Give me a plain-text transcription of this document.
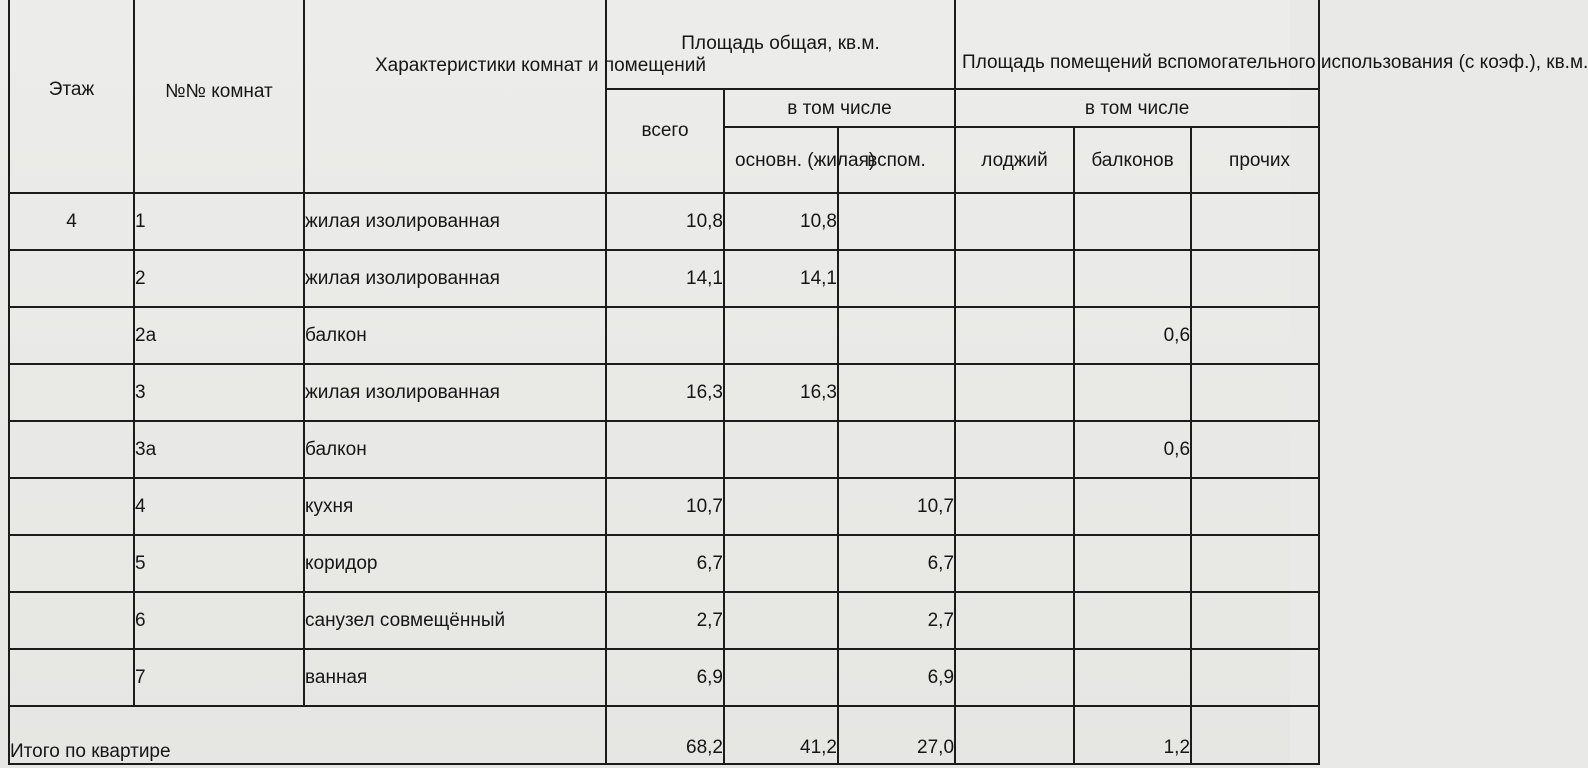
Этаж	№№ комнат	Характеристики комнат и помещений	Площадь общая, кв.м.			Площадь помещений вспомогательного использования (с коэф.), кв.м.		
			всего	в том числе		в том числе		
				основн. (жилая)	вспом.	лоджий	балконов	прочих
4	1	жилая изолированная	10,8	10,8				
	2	жилая изолированная	14,1	14,1				
	2а	балкон					0,6	
	3	жилая изолированная	16,3	16,3				
	3а	балкон					0,6	
	4	кухня	10,7		10,7			
	5	коридор	6,7		6,7			
	6	санузел совмещённый	2,7		2,7			
	7	ванная	6,9		6,9			
Итого по квартире			68,2	41,2	27,0		1,2	
